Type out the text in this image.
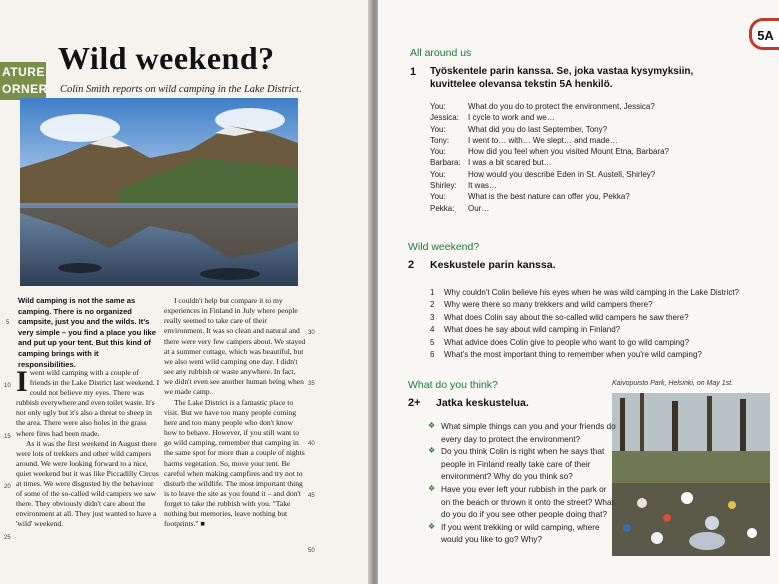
ATURE
ORNER
Wild weekend?
Colin Smith reports on wild camping in the Lake District.
Wild camping is not the same as camping. There is no organized campsite, just you and the wilds. It's very simple – you find a place you like and put up your tent. But this kind of camping brings with it responsibilities.

Iwent wild camping with a couple of friends in the Lake District last weekend. I could not believe my eyes. There was rubbish everywhere and even toilet waste. It's not only ugly but it's also a threat to sheep in the area. There were also holes in the grass where fires had been made.

As it was the first weekend in August there were lots of trekkers and other wild campers around. We were looking forward to a nice, quiet weekend but it was like Piccadilly Circus at times. We were disgusted by the behaviour of some of the so-called wild campers we saw there. They obviously didn't care about the environment at all. They just wanted to have a 'wild' weekend.

I couldn't help but compare it to my experiences in Finland in July where people really seemed to take care of their environment. It was so clean and natural and there were very few campers about. We stayed at a summer cottage, which was beautiful, but we also went wild camping one day. I didn't see any rubbish or waste anywhere. In fact, we didn't even see another human being when we made camp.

The Lake District is a fantastic place to visit. But we have too many people coming here and too many people who don't know how to behave. However, if you still want to go wild camping, remember that camping in the same spot for more than a couple of nights harms vegetation. So, move your tent. Be careful when making campfires and try not to disturb the wildlife. The most important thing is to leave the site as you found it – and don't forget to take the rubbish with you. "Take nothing but memories, leave nothing but footprints." ■

5
10
15
20
25
30
35
40
45
50
5A
All around us
1 Työskentele parin kanssa. Se, joka vastaa kysymyksiin, kuvittelee olevansa tekstin 5A henkilö.
You:	What do you do to protect the environment, Jessica?
Jessica:	I cycle to work and we…
You:	What did you do last September, Tony?
Tony:	I went to… with… We slept… and made…
You:	How did you feel when you visited Mount Etna, Barbara?
Barbara: I was a bit scared but…
You:	How would you describe Eden in St. Austell, Shirley?
Shirley:	It was…
You:	What is the best nature can offer you, Pekka?
Pekka:	Our…
Wild weekend?
2 Keskustele parin kanssa.
1	Why couldn't Colin believe his eyes when he was wild camping in the Lake District?
2	Why were there so many trekkers and wild campers there?
3	What does Colin say about the so-called wild campers he saw there?
4	What does he say about wild camping in Finland?
5	What advice does Colin give to people who want to go wild camping?
6	What's the most important thing to remember when you're wild camping?
What do you think?
2+ Jatka keskustelua.
Kaivopuisto Park, Helsinki, on May 1st.
❖ What simple things can you and your friends do every day to protect the environment?
❖ Do you think Colin is right when he says that people in Finland really take care of their environment? Why do you think so?
❖ Have you ever left your rubbish in the park or on the beach or thrown it onto the street? What do you do if you see other people doing that?
❖ If you went trekking or wild camping, where would you like to go? Why?
